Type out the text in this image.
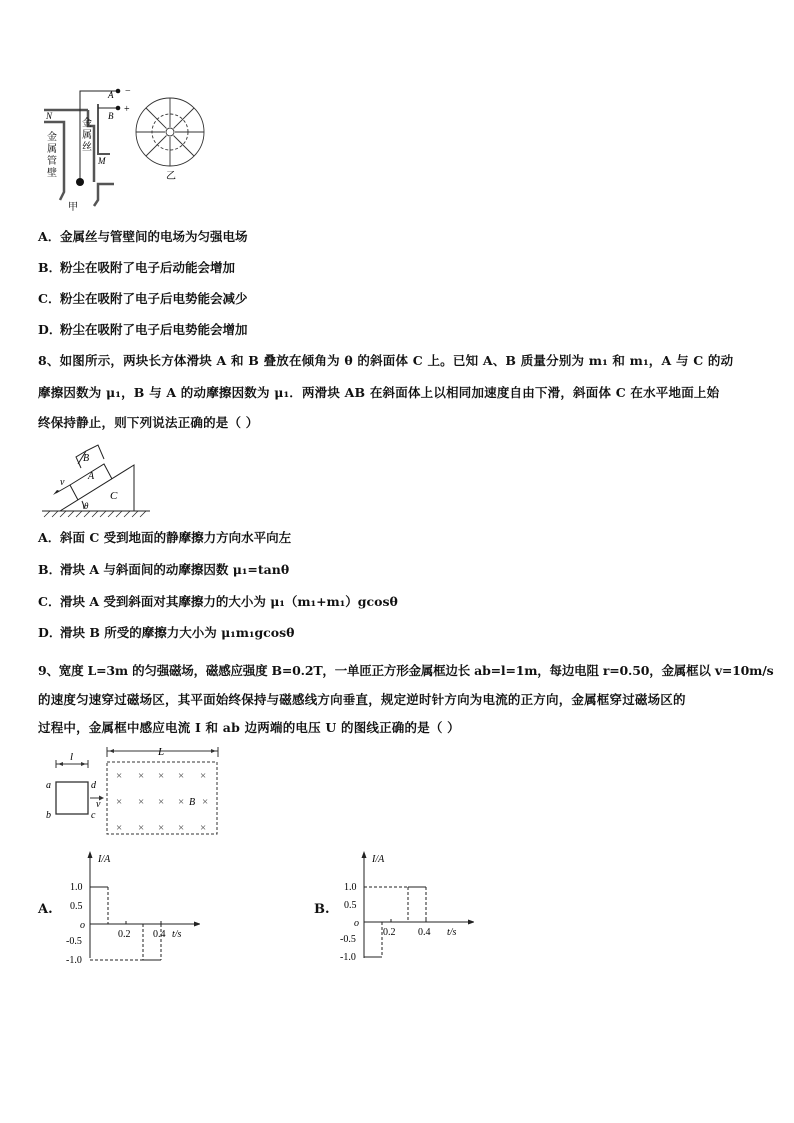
A −
B
+
N
M
金属丝
金属管壁
甲
乙
A．金属丝与管壁间的电场为匀强电场
B．粉尘在吸附了电子后动能会增加
C．粉尘在吸附了电子后电势能会减少
D．粉尘在吸附了电子后电势能会增加
8、如图所示，两块长方体滑块 A 和 B 叠放在倾角为 θ 的斜面体 C 上。已知 A、B 质量分别为 m₁ 和 m₁，A 与 C 的动
摩擦因数为 μ₁，B 与 A 的动摩擦因数为 μ₁．两滑块 AB 在斜面体上以相同加速度自由下滑，斜面体 C 在水平地面上始
终保持静止，则下列说法正确的是（ ）
B
A
C
v
θ
A．斜面 C 受到地面的静摩擦力方向水平向左
B．滑块 A 与斜面间的动摩擦因数 μ₁=tanθ
C．滑块 A 受到斜面对其摩擦力的大小为 μ₁（m₁+m₁）gcosθ
D．滑块 B 所受的摩擦力大小为 μ₁m₁gcosθ
9、宽度 L=3m 的匀强磁场，磁感应强度 B=0.2T，一单匝正方形金属框边长 ab=l=1m，每边电阻 r=0.50，金属框以 v=10m/s
的速度匀速穿过磁场区，其平面始终保持与磁感线方向垂直，规定逆时针方向为电流的正方向，金属框穿过磁场区的
过程中，金属框中感应电流 I 和 ab 边两端的电压 U 的图线正确的是（ ）
× × × × ×
× × × × ×
× × × × ×
B
L
l
a
b	c
d
v
A.
I/A
1.0
0.5
o
-0.5
-1.0
0.2 0.4 t/s
B.
I/A
1.0
0.5
o
-0.5
-1.0
0.2 0.4 t/s
